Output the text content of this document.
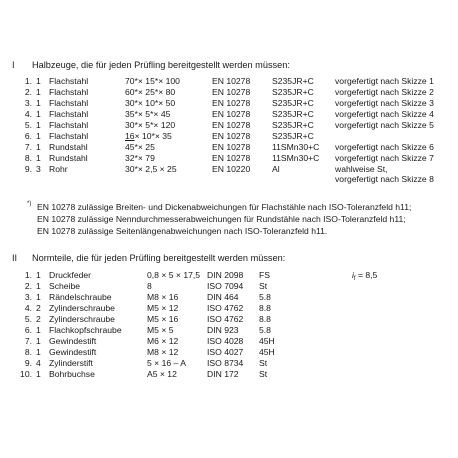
I Halbzeuge, die für jeden Prüfling bereitgestellt werden müssen:
1. 1 Flachstahl	70*× 15*× 100	EN 10278	S235JR+C vorgefertigt nach Skizze 1
2. 1 Flachstahl	60*× 25*× 80	EN 10278	S235JR+C vorgefertigt nach Skizze 2
3. 1 Flachstahl	30*× 10*× 50	EN 10278	S235JR+C vorgefertigt nach Skizze 3
4. 1 Flachstahl	35*× 5*× 45	EN 10278	S235JR+C vorgefertigt nach Skizze 4
5. 1 Flachstahl	30*× 5*× 120	EN 10278	S235JR+C vorgefertigt nach Skizze 5
6. 1 Flachstahl	16× 10*× 35	EN 10278	S235JR+C
7. 1 Rundstahl	45*× 25	EN 10278	11SMn30+C vorgefertigt nach Skizze 6
8. 1 Rundstahl	32*× 79	EN 10278	11SMn30+C vorgefertigt nach Skizze 7
9. 3 Rohr	30*× 2,5 × 25	EN 10220	Al	wahlweise St,
vorgefertigt nach Skizze 8
*) EN 10278 zulässige Breiten- und Dickenabweichungen für Flachstähle nach ISO-Toleranzfeld h11;
EN 10278 zulässige Nenndurchmesserabweichungen für Rundstähle nach ISO-Toleranzfeld h11;
EN 10278 zulässige Seitenlängenabweichungen nach ISO-Toleranzfeld h11.
II Normteile, die für jeden Prüfling bereitgestellt werden müssen:
1. 1 Druckfeder	0,8 × 5 × 17,5 DIN 2098 FS
2. 1 Scheibe	8	ISO 7094 St
3. 1 Rändelschraube	M8 × 16	DIN 464 5.8
4. 2 Zylinderschraube	M5 × 12	ISO 4762 8.8
5. 2 Zylinderschraube	M5 × 16	ISO 4762 8.8
6. 1 Flachkopfschraube	M5 × 5	DIN 923 5.8
7. 1 Gewindestift	M6 × 12	ISO 4028 45H
8. 1 Gewindestift	M8 × 12	ISO 4027 45H
9. 4 Zylinderstift	5 × 16 – A ISO 8734 St
10. 1 Bohrbuchse	A5 × 12	DIN 172 St
$i_f = 8,5$
